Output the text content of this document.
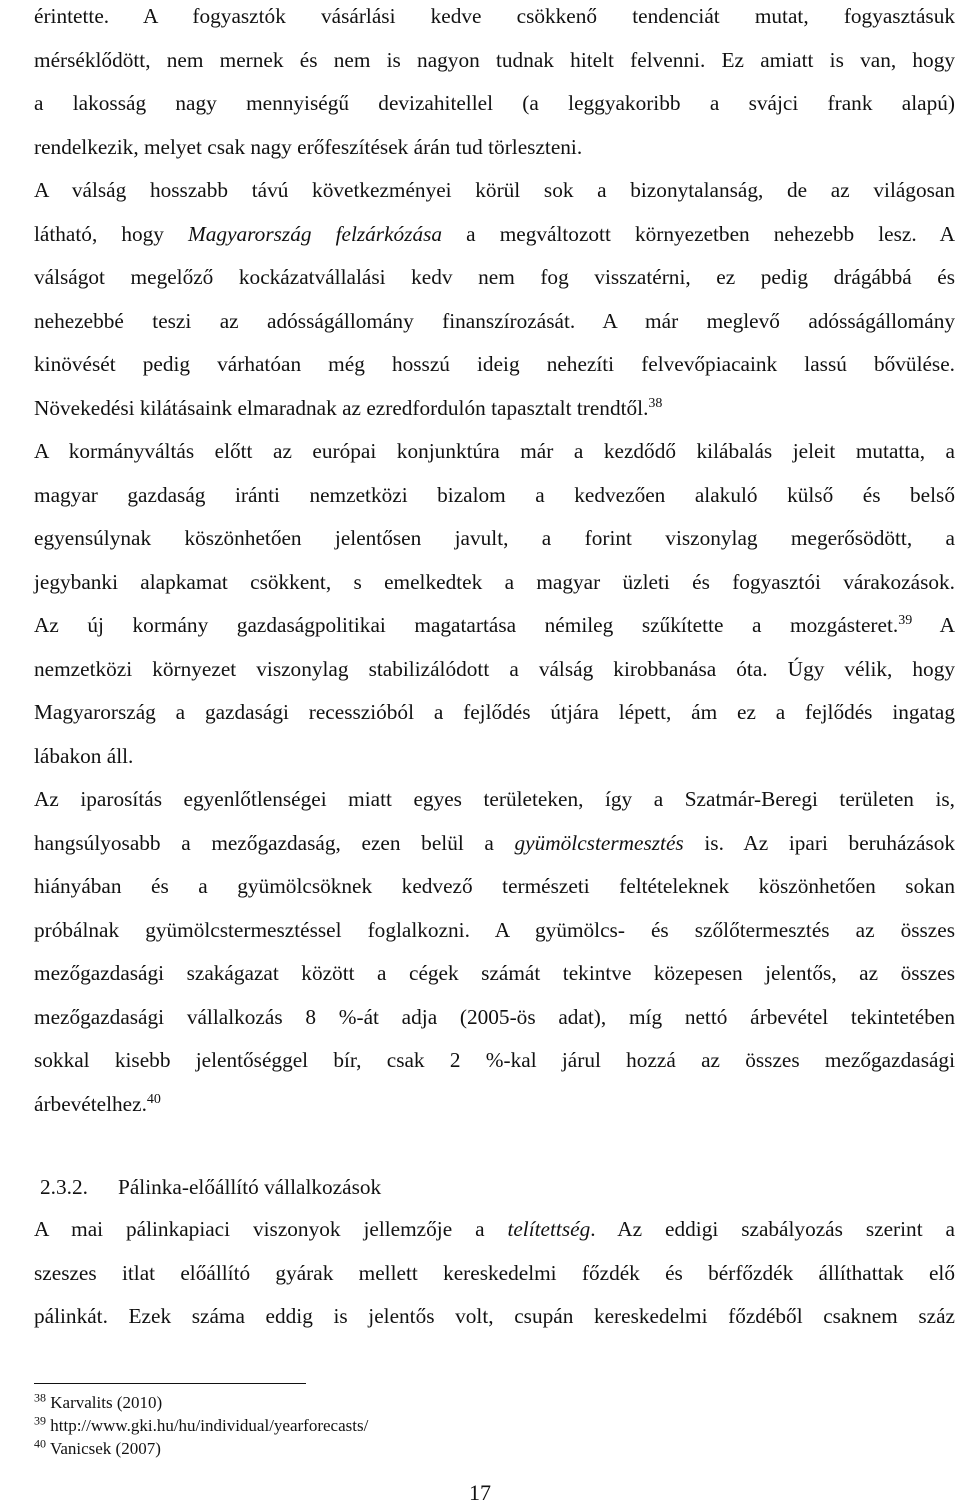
érintette. A fogyasztók vásárlási kedve csökkenő tendenciát mutat, fogyasztásuk
mérséklődött, nem mernek és nem is nagyon tudnak hitelt felvenni. Ez amiatt is van, hogy
a lakosság nagy mennyiségű devizahitellel (a leggyakoribb a svájci frank alapú)
rendelkezik, melyet csak nagy erőfeszítések árán tud törleszteni.
A válság hosszabb távú következményei körül sok a bizonytalanság, de az világosan
látható, hogy Magyarország felzárkózása a megváltozott környezetben nehezebb lesz. A
válságot megelőző kockázatvállalási kedv nem fog visszatérni, ez pedig drágábbá és
nehezebbé teszi az adósságállomány finanszírozását. A már meglevő adósságállomány
kinövését pedig várhatóan még hosszú ideig nehezíti felvevőpiacaink lassú bővülése.
Növekedési kilátásaink elmaradnak az ezredfordulón tapasztalt trendtől.$^{38}$
A kormányváltás előtt az európai konjunktúra már a kezdődő kilábalás jeleit mutatta, a
magyar gazdaság iránti nemzetközi bizalom a kedvezően alakuló külső és belső
egyensúlynak köszönhetően jelentősen javult, a forint viszonylag megerősödött, a
jegybanki alapkamat csökkent, s emelkedtek a magyar üzleti és fogyasztói várakozások.
Az új kormány gazdaságpolitikai magatartása némileg szűkítette a mozgásteret.$^{39}$ A
nemzetközi környezet viszonylag stabilizálódott a válság kirobbanása óta. Úgy vélik, hogy
Magyarország a gazdasági recesszióból a fejlődés útjára lépett, ám ez a fejlődés ingatag
lábakon áll.
Az iparosítás egyenlőtlenségei miatt egyes területeken, így a Szatmár-Beregi területen is,
hangsúlyosabb a mezőgazdaság, ezen belül a gyümölcstermesztés is. Az ipari beruházások
hiányában és a gyümölcsöknek kedvező természeti feltételeknek köszönhetően sokan
próbálnak gyümölcstermesztéssel foglalkozni. A gyümölcs- és szőlőtermesztés az összes
mezőgazdasági szakágazat között a cégek számát tekintve közepesen jelentős, az összes
mezőgazdasági vállalkozás 8 %-át adja (2005-ös adat), míg nettó árbevétel tekintetében
sokkal kisebb jelentőséggel bír, csak 2 %-kal járul hozzá az összes mezőgazdasági
árbevételhez.$^{40}$
2.3.2. Pálinka-előállító vállalkozások
A mai pálinkapiaci viszonyok jellemzője a telítettség. Az eddigi szabályozás szerint a
szeszes itlat előállító gyárak mellett kereskedelmi főzdék és bérfőzdék állíthattak elő
pálinkát. Ezek száma eddig is jelentős volt, csupán kereskedelmi főzdéből csaknem száz
$^{38}$ Karvalits (2010)
$^{39}$ http://www.gki.hu/hu/individual/yearforecasts/
$^{40}$ Vanicsek (2007)
17
